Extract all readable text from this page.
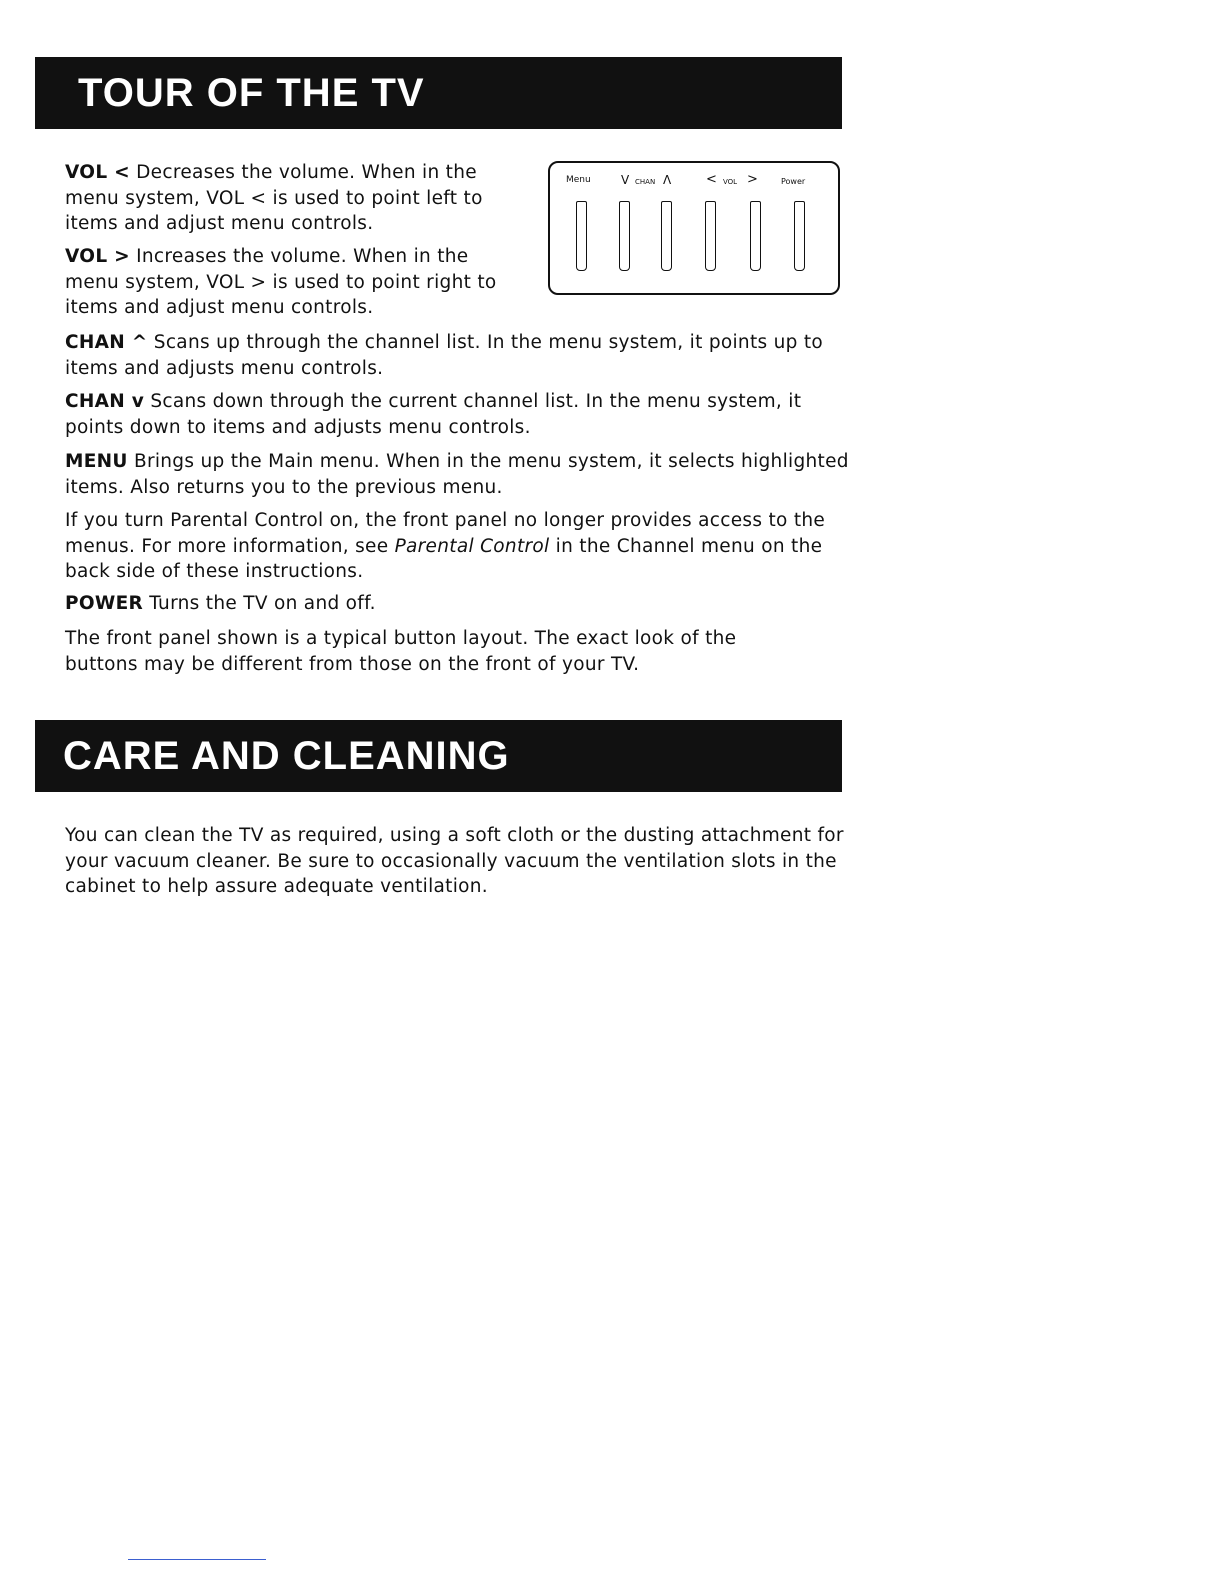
TOUR OF THE TV

VOL < Decreases the volume. When in the menu system, VOL < is used to point left to items and adjust menu controls.

VOL > Increases the volume. When in the menu system, VOL > is used to point right to items and adjust menu controls.

Menu	V CHAN Λ	< VOL >	Power

CHAN ^ Scans up through the channel list. In the menu system, it points up to items and adjusts menu controls.

CHAN v Scans down through the current channel list. In the menu system, it points down to items and adjusts menu controls.

MENU Brings up the Main menu. When in the menu system, it selects highlighted items. Also returns you to the previous menu.

If you turn Parental Control on, the front panel no longer provides access to the menus. For more information, see Parental Control in the Channel menu on the back side of these instructions.

POWER Turns the TV on and off.

The front panel shown is a typical button layout. The exact look of the buttons may be different from those on the front of your TV.

CARE AND CLEANING

You can clean the TV as required, using a soft cloth or the dusting attachment for your vacuum cleaner. Be sure to occasionally vacuum the ventilation slots in the cabinet to help assure adequate ventilation.
